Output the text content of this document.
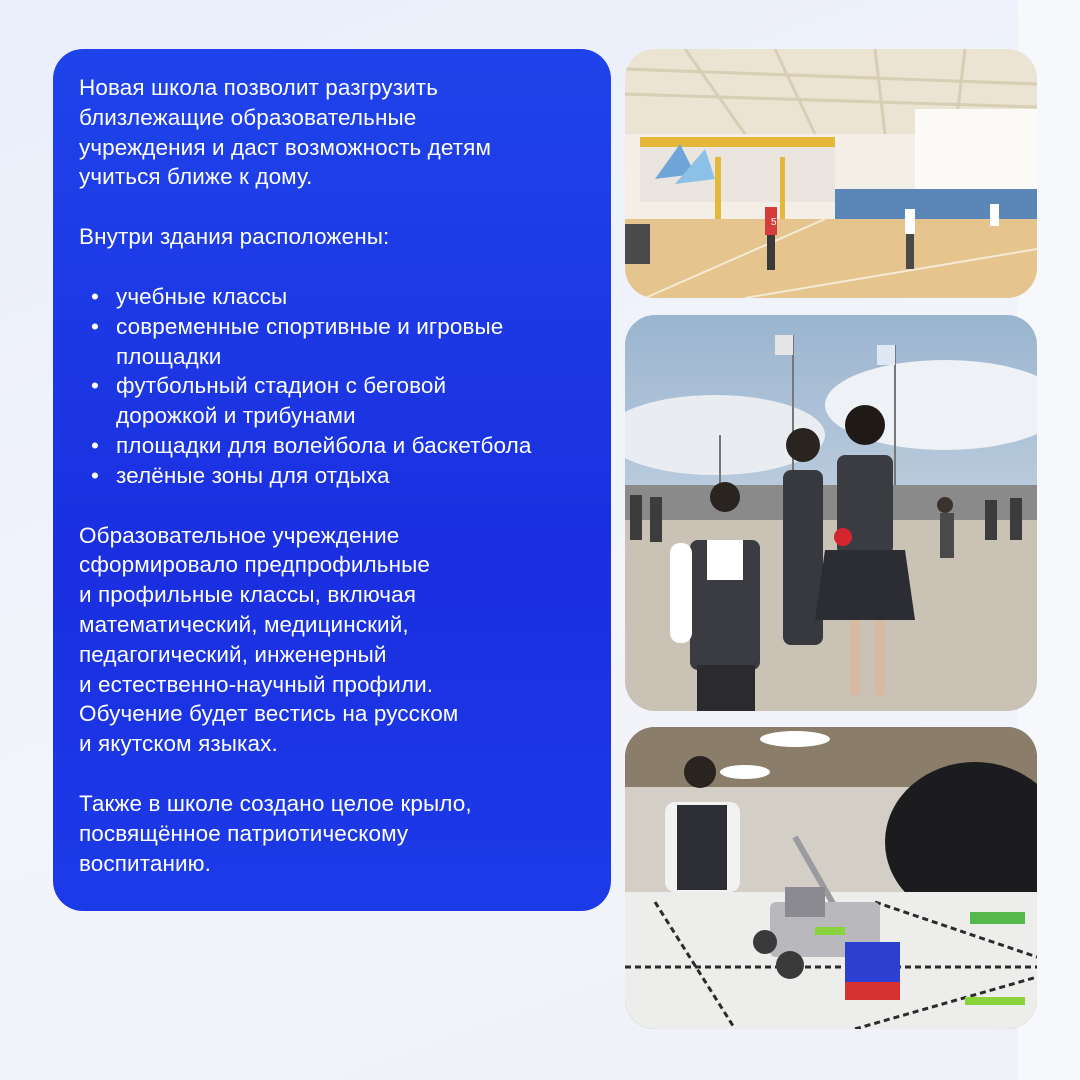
Новая школа позволит разгрузить
близлежащие образовательные
учреждения и даст возможность детям
учиться ближе к дому.

Внутри здания расположены:

• учебные классы
• современные спортивные и игровые
площадки
• футбольный стадион с беговой
дорожкой и трибунами
• площадки для волейбола и баскетбола
• зелёные зоны для отдыха

Образовательное учреждение
сформировало предпрофильные
и профильные классы, включая
математический, медицинский,
педагогический, инженерный
и естественно-научный профили.
Обучение будет вестись на русском
и якутском языках.

Также в школе создано целое крыло,
посвящённое патриотическому
воспитанию.

5
